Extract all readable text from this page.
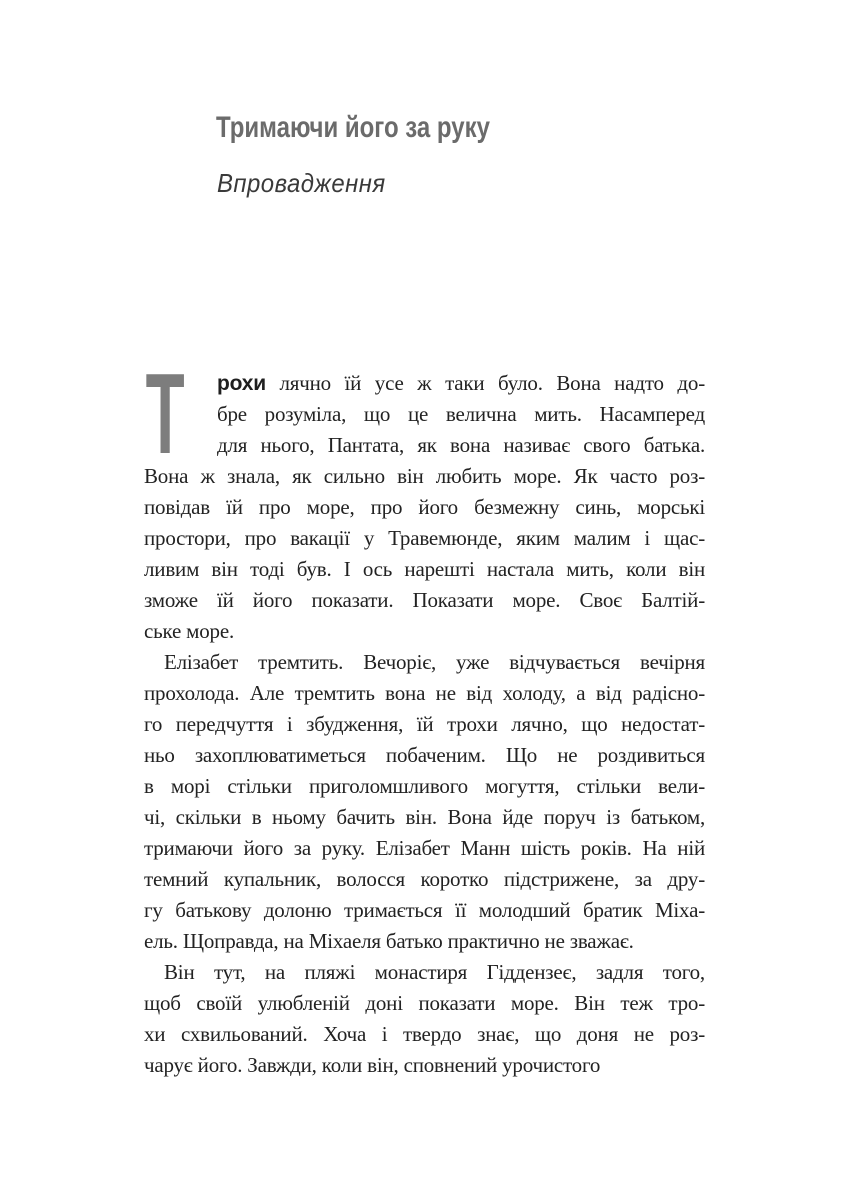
Тримаючи його за руку
Впровадження
Т	рохи лячно їй усе ж таки було. Вона надто до-
бре розуміла, що це велична мить. Насамперед
для нього, Пантата, як вона називає свого батька.
Вона ж знала, як сильно він любить море. Як часто роз-
повідав їй про море, про його безмежну синь, морські
простори, про вакації у Травемюнде, яким малим і щас-
ливим він тоді був. І ось нарешті настала мить, коли він
зможе їй його показати. Показати море. Своє Балтій-
ське море.
Елізабет тремтить. Вечоріє, уже відчувається вечірня
прохолода. Але тремтить вона не від холоду, а від радісно-
го передчуття і збудження, їй трохи лячно, що недостат-
ньо захоплюватиметься побаченим. Що не роздивиться
в морі стільки приголомшливого могуття, стільки вели-
чі, скільки в ньому бачить він. Вона йде поруч із батьком,
тримаючи його за руку. Елізабет Манн шість років. На ній
темний купальник, волосся коротко підстрижене, за дру-
гу батькову долоню тримається її молодший братик Міха-
ель. Щоправда, на Міхаеля батько практично не зважає.
Він тут, на пляжі монастиря Гіддензеє, задля того,
щоб своїй улюбленій доні показати море. Він теж тро-
хи схвильований. Хоча і твердо знає, що доня не роз-
чарує його. Завжди, коли він, сповнений урочистого
